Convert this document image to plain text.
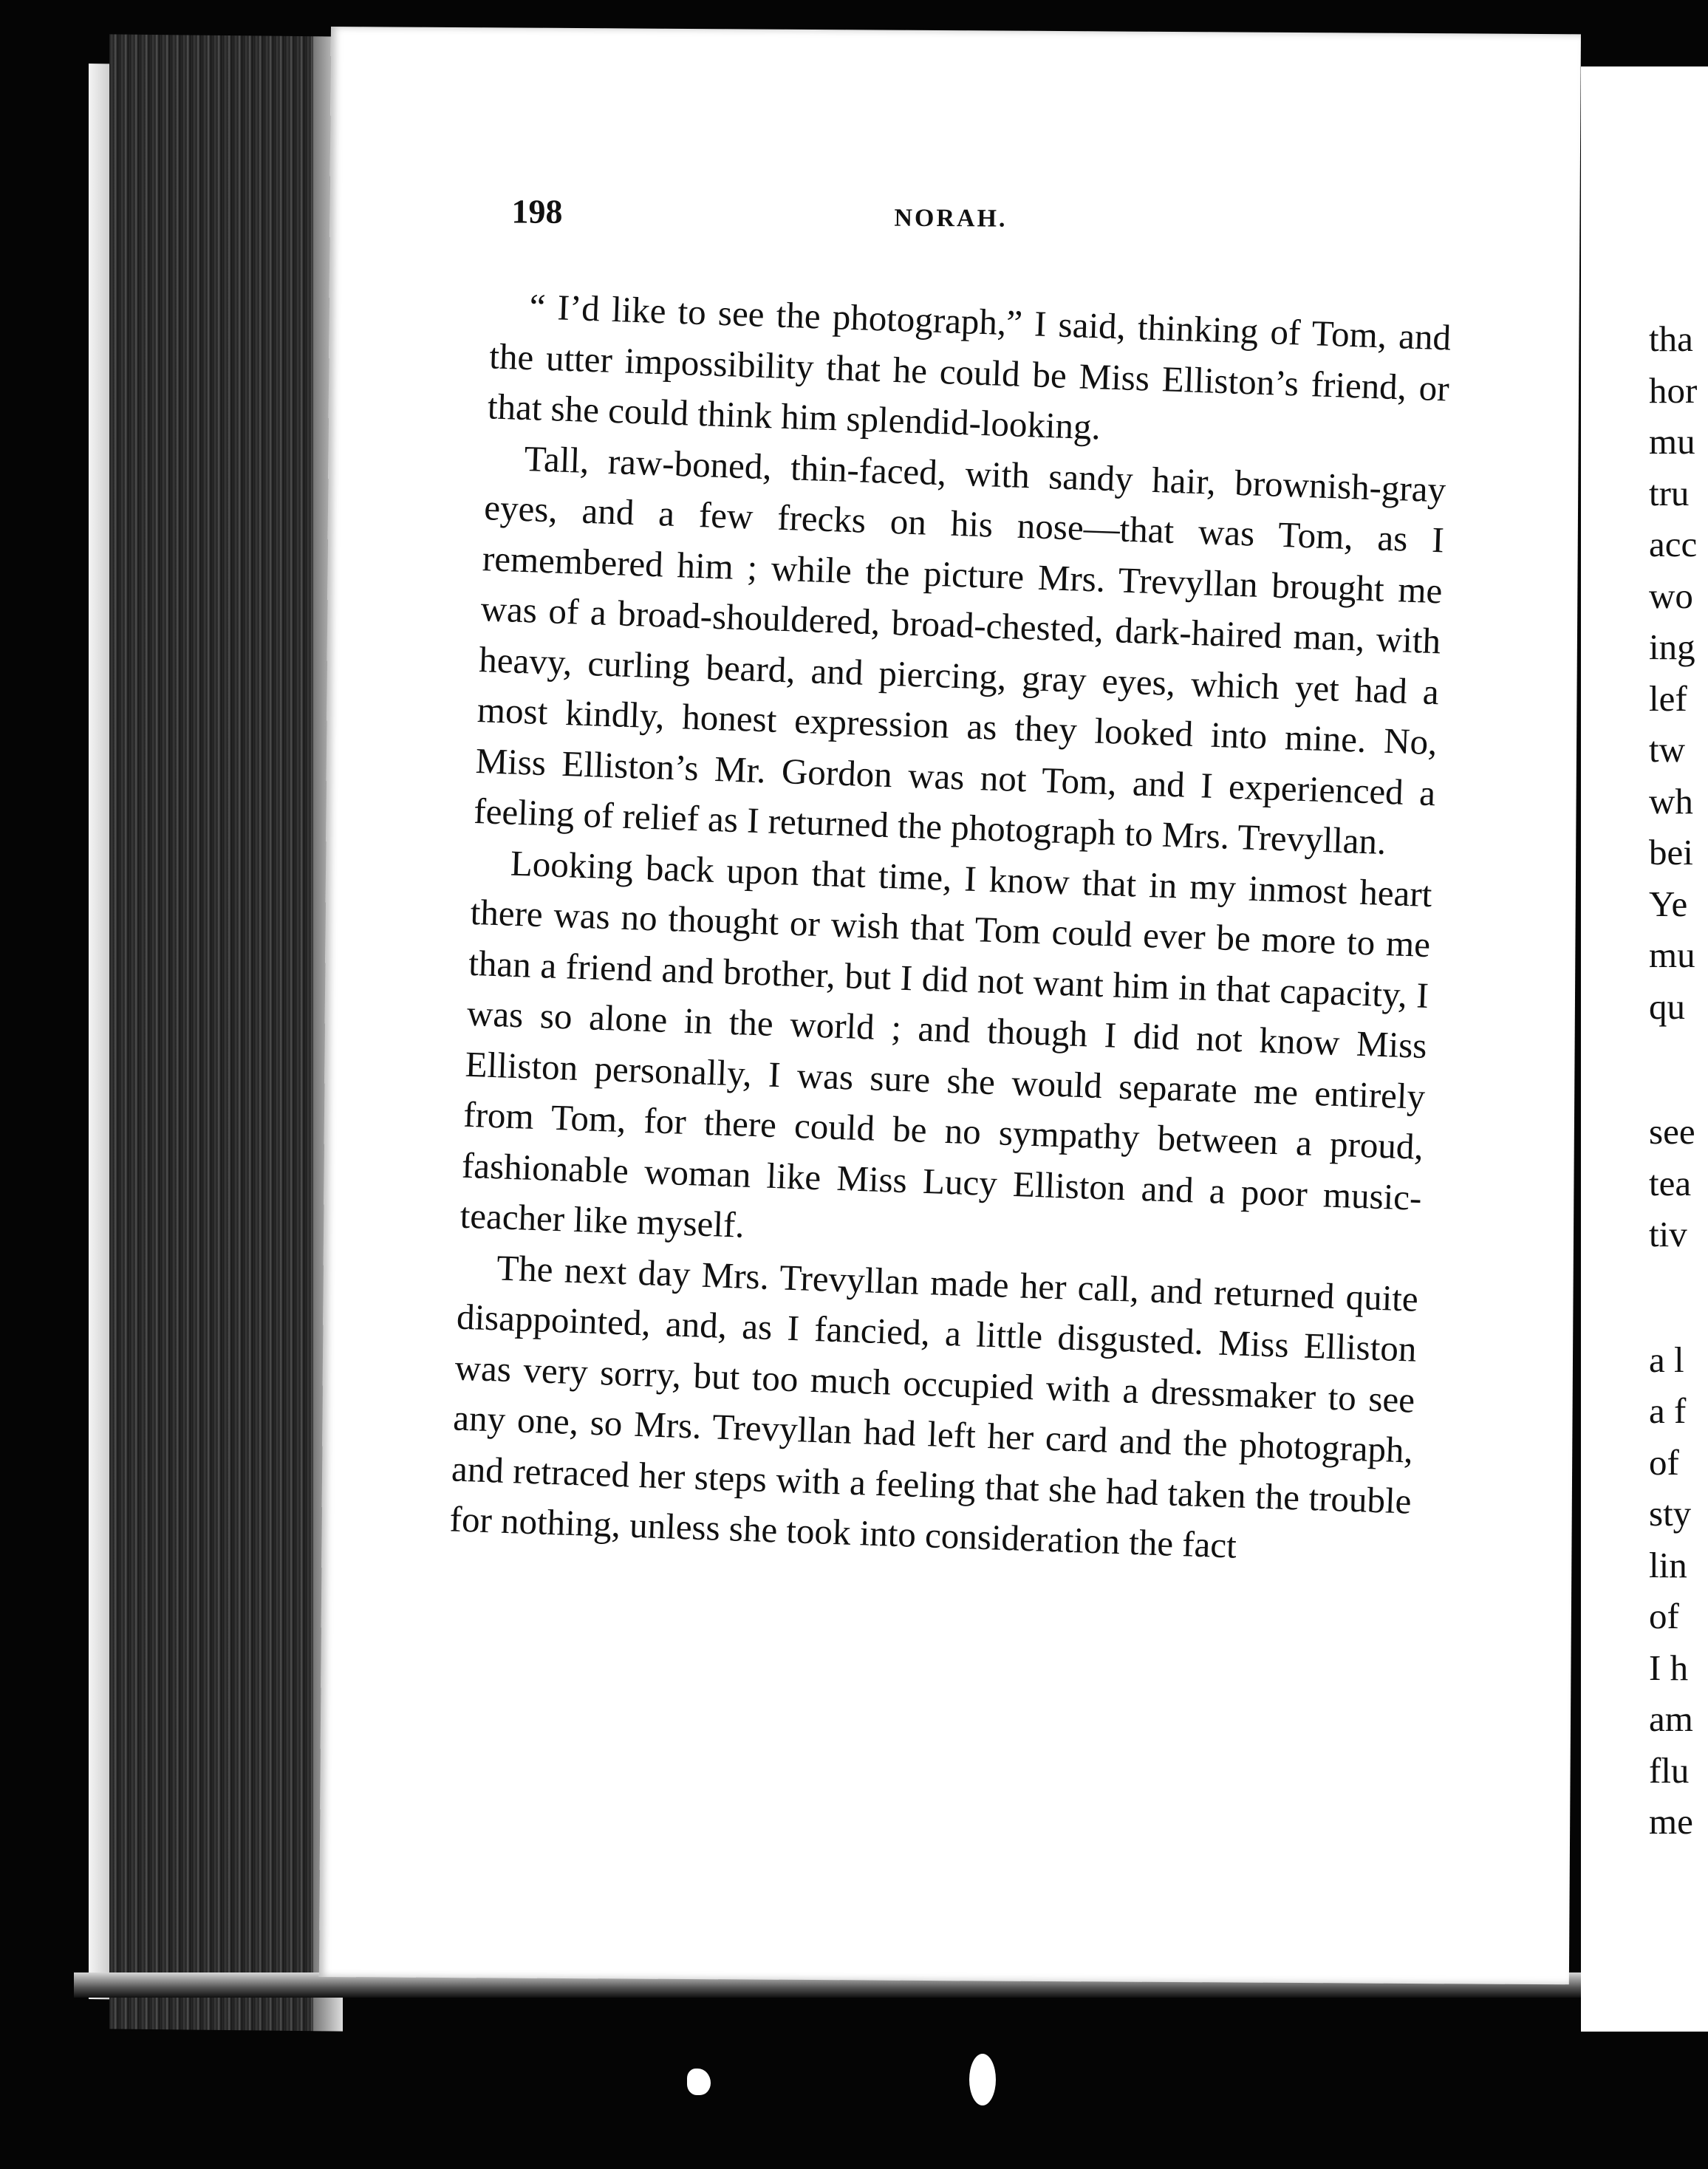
198	NORAH.

“ I’d like to see the photograph,” I said, thinking of Tom, and the utter impossibility that he could be Miss Elliston’s friend, or that she could think him splendid-looking.

Tall, raw-boned, thin-faced, with sandy hair, brownish-gray eyes, and a few frecks on his nose—that was Tom, as I remembered him ; while the picture Mrs. Trevyllan brought me was of a broad-shouldered, broad-chested, dark-haired man, with heavy, curling beard, and piercing, gray eyes, which yet had a most kindly, honest expression as they looked into mine. No, Miss Elliston’s Mr. Gordon was not Tom, and I experienced a feeling of relief as I returned the photograph to Mrs. Trevyllan.

Looking back upon that time, I know that in my inmost heart there was no thought or wish that Tom could ever be more to me than a friend and brother, but I did not want him in that capacity, I was so alone in the world ; and though I did not know Miss Elliston personally, I was sure she would separate me entirely from Tom, for there could be no sympathy between a proud, fashionable woman like Miss Lucy Elliston and a poor music-teacher like myself.

The next day Mrs. Trevyllan made her call, and returned quite disappointed, and, as I fancied, a little disgusted. Miss Elliston was very sorry, but too much occupied with a dressmaker to see any one, so Mrs. Trevyllan had left her card and the photograph, and retraced her steps with a feeling that she had taken the trouble for nothing, unless she took into consideration the fact

tha
hor
mu
tru
acc
wo
ing
lef
tw
wh
bei
Ye
mu
qu
see
tea
tiv
a l
a f
of
sty
lin
of
I h
am
flu
me
